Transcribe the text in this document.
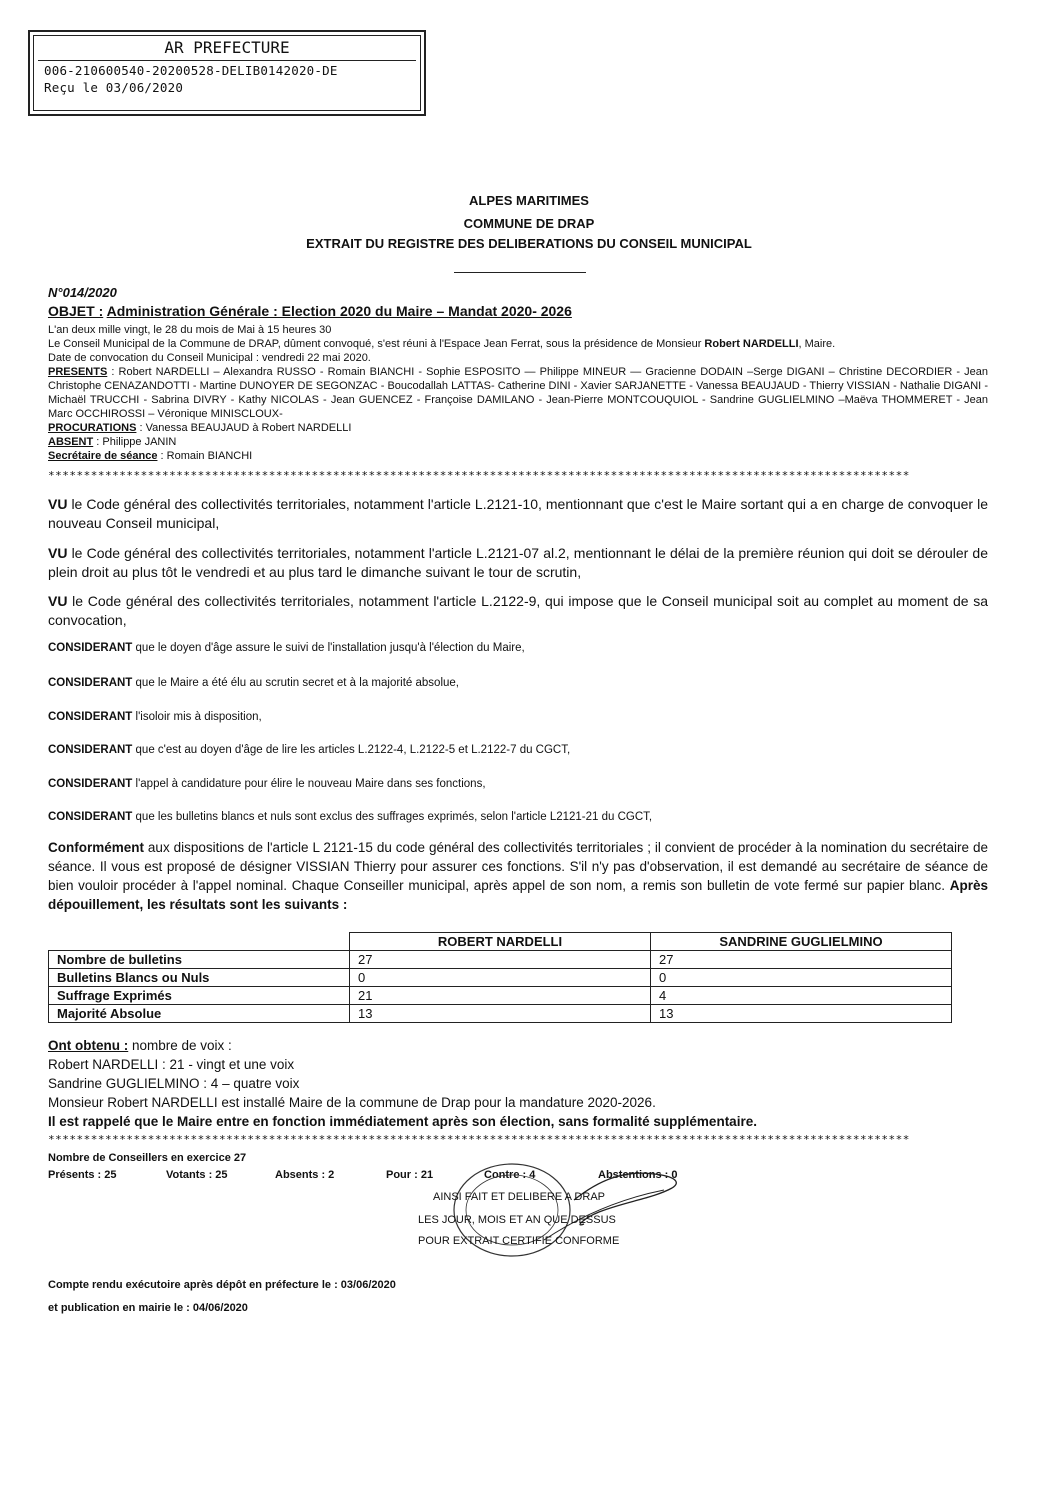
AR PREFECTURE
006-210600540-20200528-DELIB0142020-DE
Reçu le 03/06/2020
ALPES MARITIMES
COMMUNE DE DRAP
EXTRAIT DU REGISTRE DES DELIBERATIONS DU CONSEIL MUNICIPAL
N°014/2020
OBJET : Administration Générale : Election 2020 du Maire – Mandat 2020- 2026
L'an deux mille vingt, le 28 du mois de Mai à 15 heures 30
Le Conseil Municipal de la Commune de DRAP, dûment convoqué, s'est réuni à l'Espace Jean Ferrat, sous la présidence de Monsieur Robert NARDELLI, Maire.
Date de convocation du Conseil Municipal : vendredi 22 mai 2020.
PRESENTS : Robert NARDELLI – Alexandra RUSSO - Romain BIANCHI - Sophie ESPOSITO — Philippe MINEUR — Gracienne DODAIN –Serge DIGANI – Christine DECORDIER - Jean Christophe CENAZANDOTTI - Martine DUNOYER DE SEGONZAC - Boucodallah LATTAS- Catherine DINI - Xavier SARJANETTE - Vanessa BEAUJAUD - Thierry VISSIAN - Nathalie DIGANI - Michaël TRUCCHI - Sabrina DIVRY - Kathy NICOLAS - Jean GUENCEZ - Françoise DAMILANO - Jean-Pierre MONTCOUQUIOL - Sandrine GUGLIELMINO –Maëva THOMMERET - Jean Marc OCCHIROSSI – Véronique MINISCLOUX-
PROCURATIONS : Vanessa BEAUJAUD à Robert NARDELLI
ABSENT : Philippe JANIN
Secrétaire de séance : Romain BIANCHI
*************************************************************************************************************************
VU le Code général des collectivités territoriales, notamment l'article L.2121-10, mentionnant que c'est le Maire sortant qui a en charge de convoquer le nouveau Conseil municipal,
VU le Code général des collectivités territoriales, notamment l'article L.2121-07 al.2, mentionnant le délai de la première réunion qui doit se dérouler de plein droit au plus tôt le vendredi et au plus tard le dimanche suivant le tour de scrutin,
VU le Code général des collectivités territoriales, notamment l'article L.2122-9, qui impose que le Conseil municipal soit au complet au moment de sa convocation,
CONSIDERANT que le doyen d'âge assure le suivi de l'installation jusqu'à l'élection du Maire,
CONSIDERANT que le Maire a été élu au scrutin secret et à la majorité absolue,
CONSIDERANT l'isoloir mis à disposition,
CONSIDERANT que c'est au doyen d'âge de lire les articles L.2122-4, L.2122-5 et L.2122-7 du CGCT,
CONSIDERANT l'appel à candidature pour élire le nouveau Maire dans ses fonctions,
CONSIDERANT que les bulletins blancs et nuls sont exclus des suffrages exprimés, selon l'article L2121-21 du CGCT,
Conformément aux dispositions de l'article L 2121-15 du code général des collectivités territoriales ; il convient de procéder à la nomination du secrétaire de séance. Il vous est proposé de désigner VISSIAN Thierry pour assurer ces fonctions. S'il n'y pas d'observation, il est demandé au secrétaire de séance de bien vouloir procéder à l'appel nominal. Chaque Conseiller municipal, après appel de son nom, a remis son bulletin de vote fermé sur papier blanc. Après dépouillement, les résultats sont les suivants :
	ROBERT NARDELLI	SANDRINE GUGLIELMINO
Nombre de bulletins	27	27
Bulletins Blancs ou Nuls	0	0
Suffrage Exprimés	21	4
Majorité Absolue	13	13
Ont obtenu : nombre de voix :
Robert NARDELLI : 21 - vingt et une voix
Sandrine GUGLIELMINO : 4 – quatre voix
Monsieur Robert NARDELLI est installé Maire de la commune de Drap pour la mandature 2020-2026.
Il est rappelé que le Maire entre en fonction immédiatement après son élection, sans formalité supplémentaire.
*************************************************************************************************************************
Nombre de Conseillers en exercice 27
Présents : 25	Votants : 25	Absents : 2	Pour : 21	Contre : 4	Abstentions : 0
AINSI FAIT ET DELIBERE A DRAP
LES JOUR, MOIS ET AN QUE DESSUS
POUR EXTRAIT CERTIFIE CONFORME
Compte rendu exécutoire après dépôt en préfecture le : 03/06/2020
et publication en mairie le : 04/06/2020
